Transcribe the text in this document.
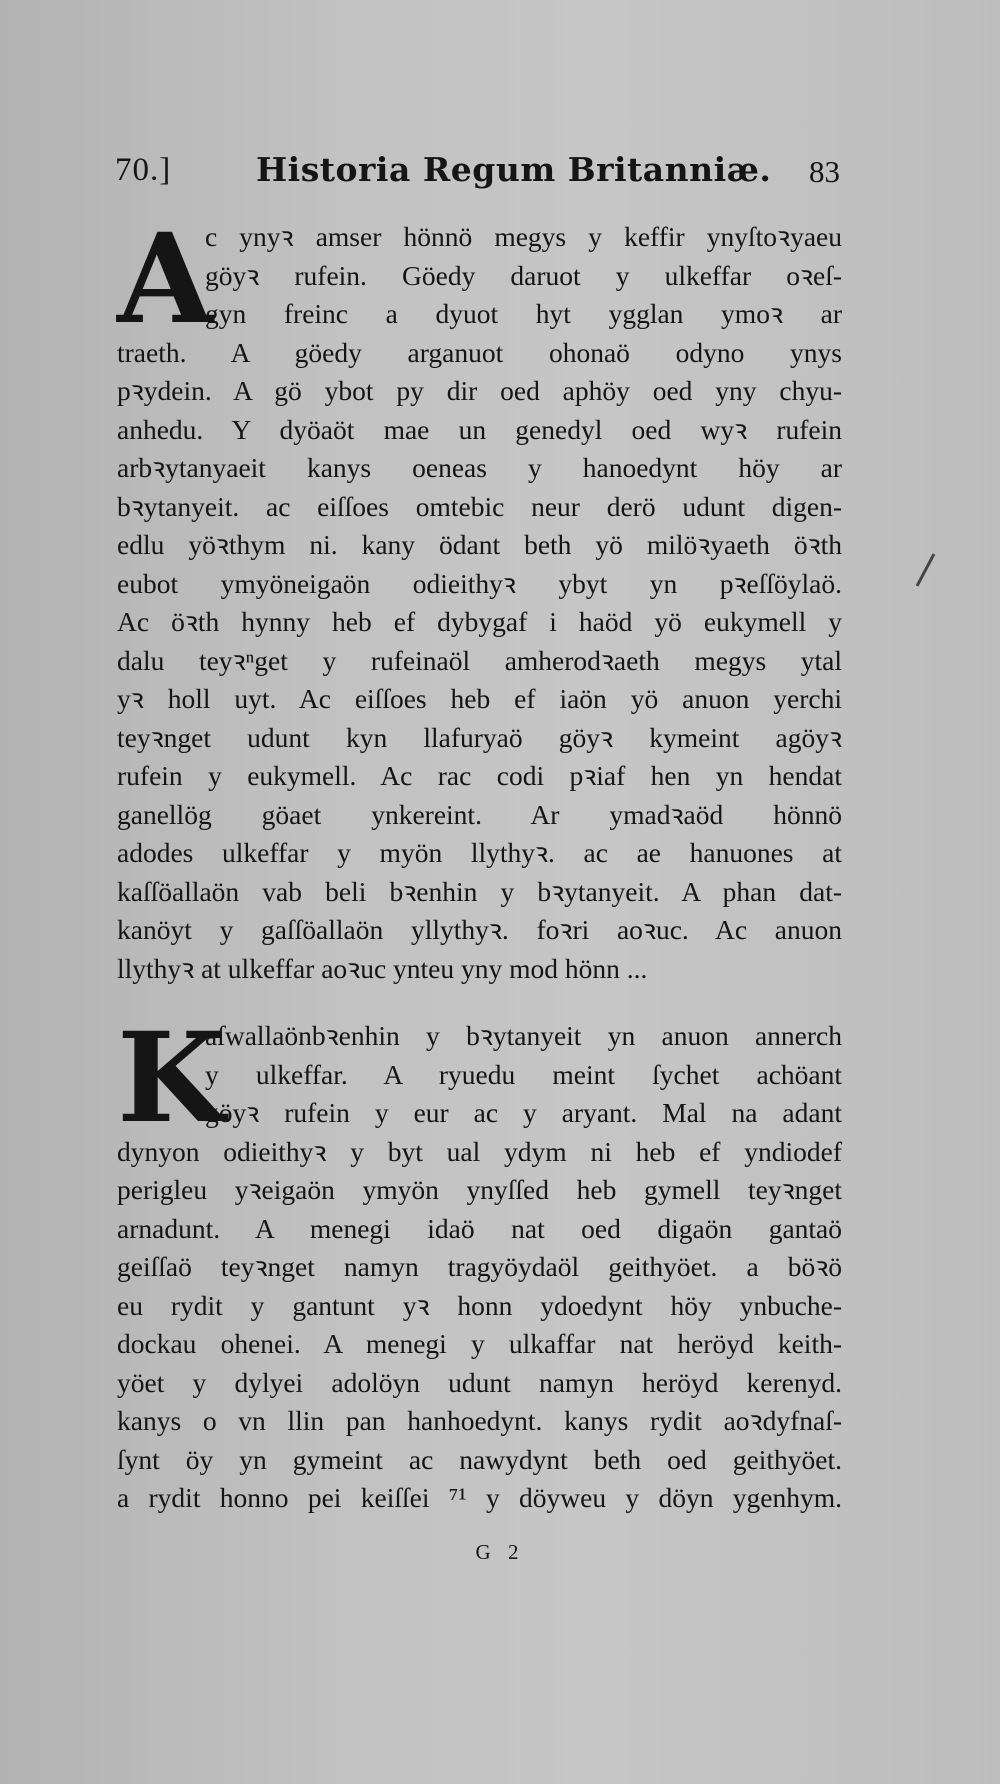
70.]	Historia Regum Britanniæ. 83
A
c ynyꝛ amser hönnö megys y keffir ynyſtoꝛyaeu
göyꝛ rufein. Göedy daruot y ulkeffar oꝛeſ-
gyn freinc a dyuot hyt ygglan ymoꝛ ar
traeth. A göedy arganuot ohonaö odyno ynys
pꝛydein. A gö ybot py dir oed aphöy oed yny chyu-
anhedu. Y dyöaöt mae un genedyl oed wyꝛ rufein
arbꝛytanyaeit kanys oeneas y hanoedynt höy ar
bꝛytanyeit. ac eiſſoes omtebic neur derö udunt digen-
edlu yöꝛthym ni. kany ödant beth yö milöꝛyaeth öꝛth
eubot ymyöneigaön odieithyꝛ ybyt yn pꝛeſſöylaö.
Ac öꝛth hynny heb ef dybygaf i haöd yö eukymell y
dalu teyꝛⁿget y rufeinaöl amherodꝛaeth megys ytal
yꝛ holl uyt. Ac eiſſoes heb ef iaön yö anuon yerchi
teyꝛnget udunt kyn llafuryaö göyꝛ kymeint agöyꝛ
rufein y eukymell. Ac rac codi pꝛiaf hen yn hendat
ganellög göaet ynkereint. Ar ymadꝛaöd hönnö
adodes ulkeffar y myön llythyꝛ. ac ae hanuones at
kaſſöallaön vab beli bꝛenhin y bꝛytanyeit. A phan dat-
kanöyt y gaſſöallaön yllythyꝛ. foꝛri aoꝛuc. Ac anuon
llythyꝛ at ulkeffar aoꝛuc ynteu yny mod hönn ...
K
aſwallaönbꝛenhin y bꝛytanyeit yn anuon annerch
y ulkeffar. A ryuedu meint ſychet achöant
göyꝛ rufein y eur ac y aryant. Mal na adant
dynyon odieithyꝛ y byt ual ydym ni heb ef yndiodef
perigleu yꝛeigaön ymyön ynyſſed heb gymell teyꝛnget
arnadunt. A menegi idaö nat oed digaön gantaö
geiſſaö teyꝛnget namyn tragyöydaöl geithyöet. a böꝛö
eu rydit y gantunt yꝛ honn ydoedynt höy ynbuche-
dockau ohenei. A menegi y ulkaffar nat heröyd keith-
yöet y dylyei adolöyn udunt namyn heröyd kerenyd.
kanys o vn llin pan hanhoedynt. kanys rydit aoꝛdyfnaſ-
ſynt öy yn gymeint ac nawydynt beth oed geithyöet.
a rydit honno pei keiſſei ⁷¹ y döyweu y döyn ygenhym.
G 2
